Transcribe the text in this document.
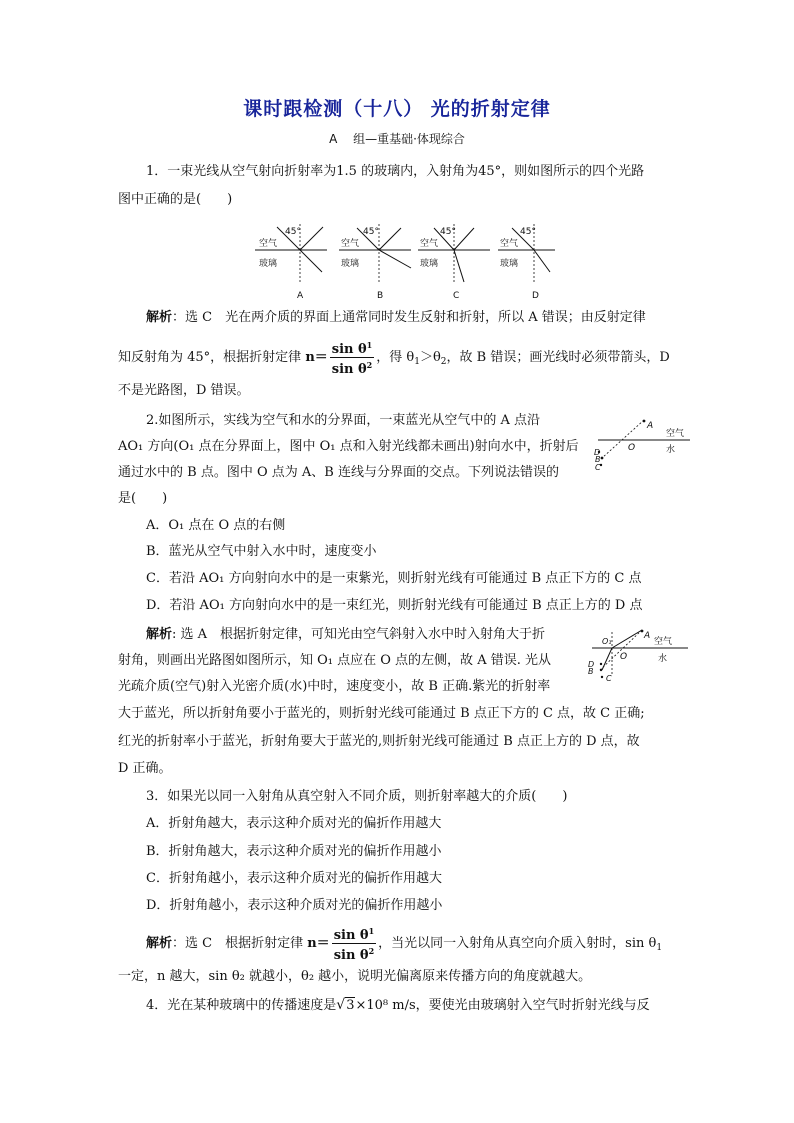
课时跟检测（十八） 光的折射定律
A　 组—重基础·体现综合
1．一束光线从空气射向折射率为1.5 的玻璃内，入射角为45°，则如图所示的四个光路
图中正确的是(　　)
45°
空气
玻璃
A
45°
空气
玻璃
B
45°
空气
玻璃
C
45°
空气
玻璃
D
解析：选 C　光在两介质的界面上通常同时发生反射和折射，所以 A 错误；由反射定律
知反射角为 45°，根据折射定律 $n= \frac{\sin \theta^1}{\sin \theta^2}$ ，得 $\theta_1>\theta_2$，故 B 错误；画光线时必须带箭头，D
不是光路图，D 错误。
2.如图所示，实线为空气和水的分界面，一束蓝光从空气中的 A 点沿
AO₁ 方向(O₁ 点在分界面上，图中 O₁ 点和入射光线都未画出)射向水中，折射后
通过水中的 B 点。图中 O 点为 A、B 连线与分界面的交点。下列说法错误的
是(　　)
A
O
D
B
C
空气
水
A．O₁ 点在 O 点的右侧
B．蓝光从空气中射入水中时，速度变小
C．若沿 AO₁ 方向射向水中的是一束紫光，则折射光线有可能通过 B 点正下方的 C 点
D．若沿 AO₁ 方向射向水中的是一束红光，则折射光线有可能通过 B 点正上方的 D 点
解析: 选 A　根据折射定律，可知光由空气斜射入水中时入射角大于折
射角，则画出光路图如图所示，知 O₁ 点应在 O 点的左侧，故 A 错误. 光从
光疏介质(空气)射入光密介质(水)中时，速度变小，故 B 正确.紫光的折射率
A
O₁
O
D
B
C
空气
水
大于蓝光，所以折射角要小于蓝光的，则折射光线可能通过 B 点正下方的 C 点，故 C 正确;
红光的折射率小于蓝光，折射角要大于蓝光的,则折射光线可能通过 B 点正上方的 D 点，故
D 正确。
3．如果光以同一入射角从真空射入不同介质，则折射率越大的介质(　　)
A．折射角越大，表示这种介质对光的偏折作用越大
B．折射角越大，表示这种介质对光的偏折作用越小
C．折射角越小，表示这种介质对光的偏折作用越大
D．折射角越小，表示这种介质对光的偏折作用越小
解析：选 C　根据折射定律 $n= \frac{\sin \theta^1}{\sin \theta^2}$ ，当光以同一入射角从真空向介质入射时，$\sin \theta_1$
一定，n 越大，sin θ₂ 就越小，θ₂ 越小，说明光偏离原来传播方向的角度就越大。
4．光在某种玻璃中的传播速度是√3×10⁸ m/s，要使光由玻璃射入空气时折射光线与反
